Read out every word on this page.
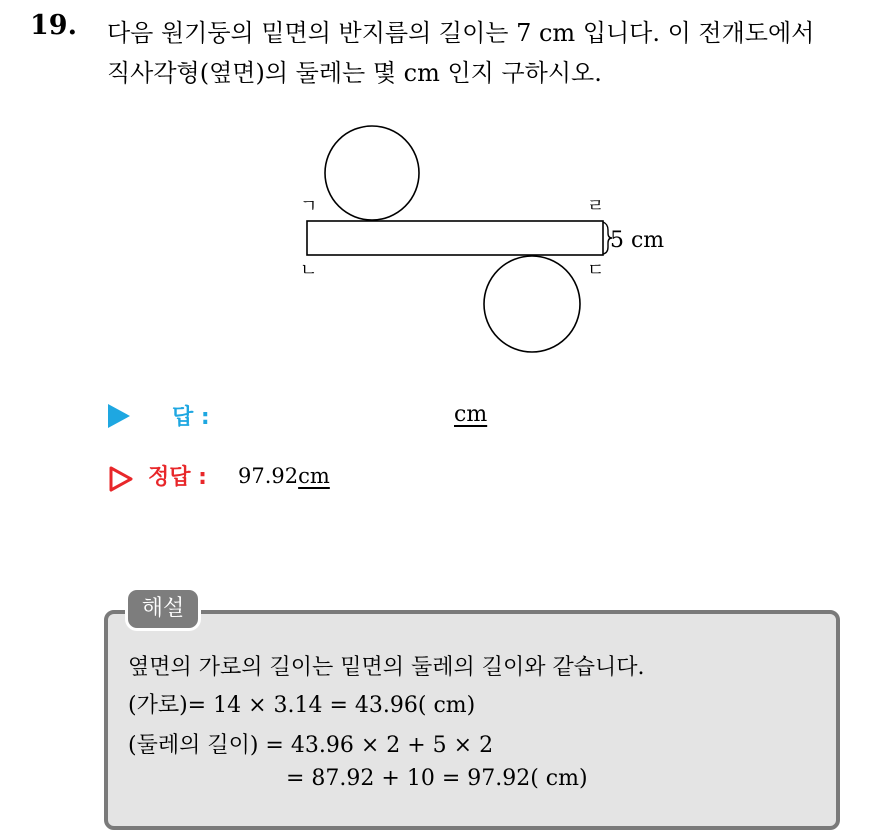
19. 다음 원기둥의 밑면의 반지름의 길이는 7 cm 입니다. 이 전개도에서
직사각형(옆면)의 둘레는 몇 cm 인지 구하시오.
ㄱ	ㄹ
ㄴ	ㄷ
5 cm
답 :	cm
정답 : 97.92cm
해설
옆면의 가로의 길이는 밑면의 둘레의 길이와 같습니다.
(가로)= 14 × 3.14 = 43.96( cm)
(둘레의 길이) = 43.96 × 2 + 5 × 2
= 87.92 + 10 = 97.92( cm)
